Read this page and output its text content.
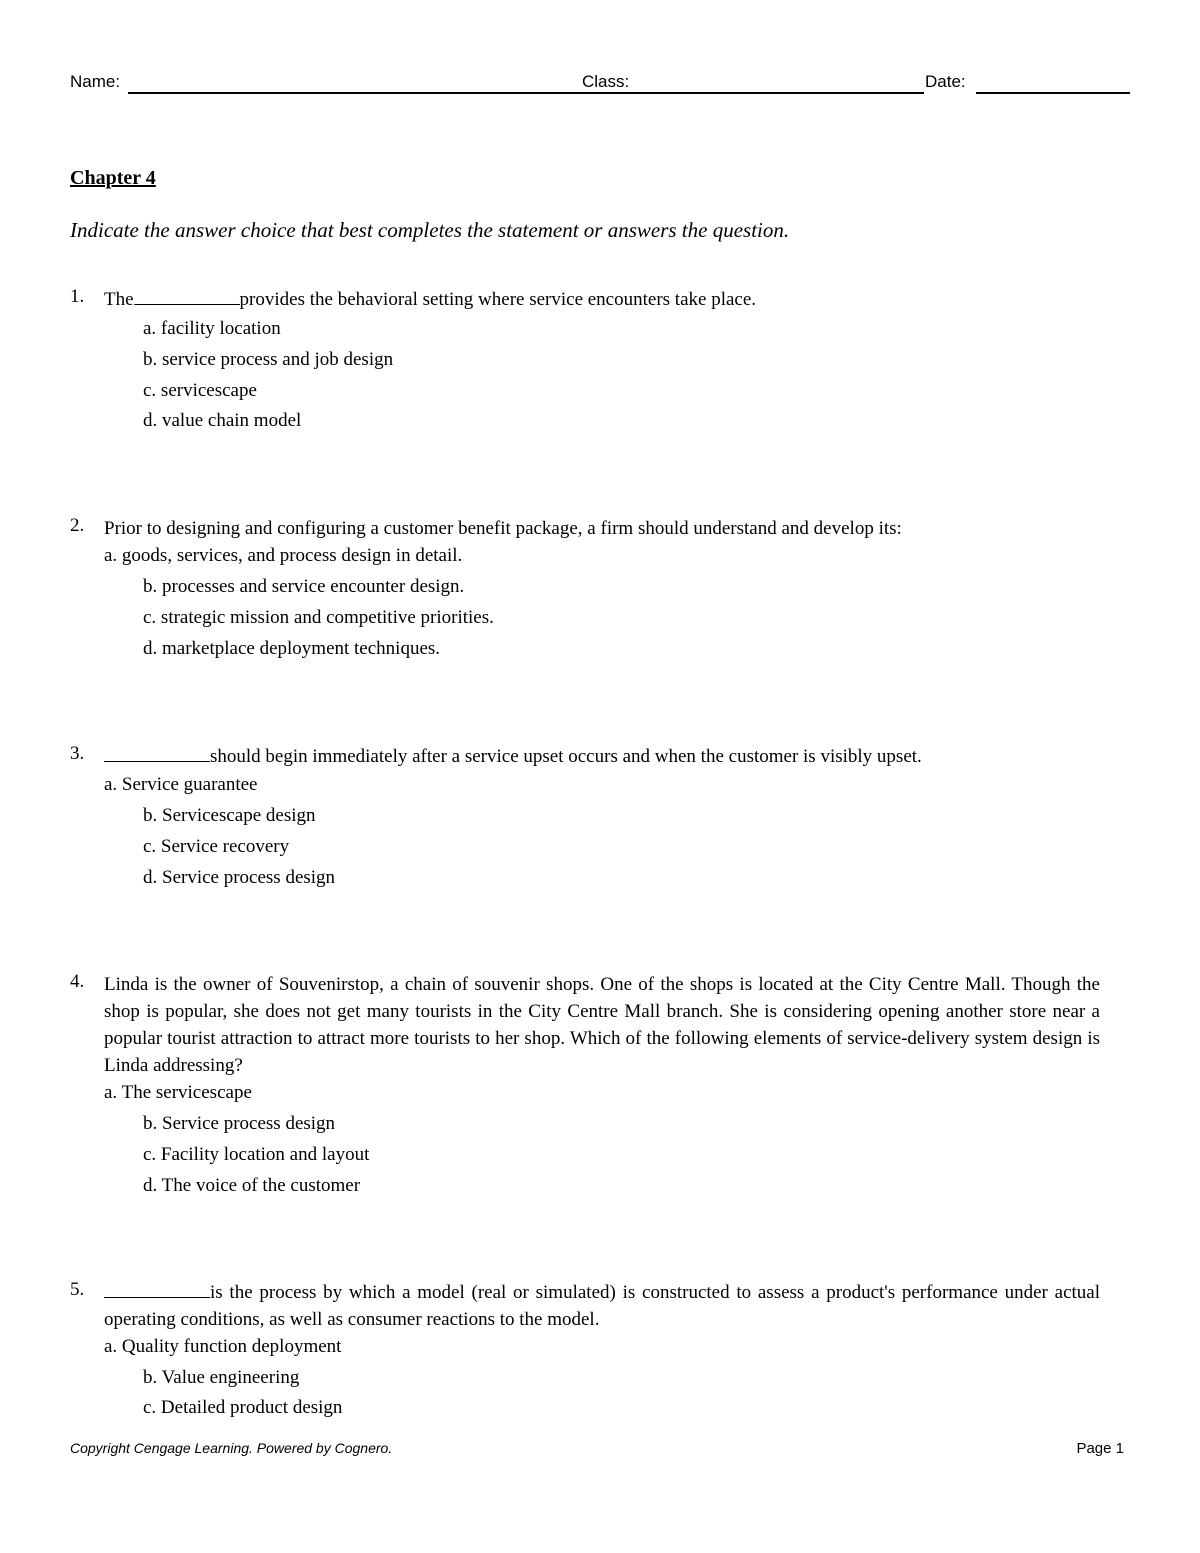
Name:	Class:	Date:
Chapter 4
Indicate the answer choice that best completes the statement or answers the question.
1. The	provides the behavioral setting where service encounters take place.
a. facility location
b. service process and job design
c. servicescape
d. value chain model
2. Prior to designing and configuring a customer benefit package, a firm should understand and develop its:
a. goods, services, and process design in detail.
b. processes and service encounter design.
c. strategic mission and competitive priorities.
d. marketplace deployment techniques.
3.	should begin immediately after a service upset occurs and when the customer is visibly upset.
a. Service guarantee
b. Servicescape design
c. Service recovery
d. Service process design
4. Linda is the owner of Souvenirstop, a chain of souvenir shops. One of the shops is located at the City Centre Mall. Though the shop is popular, she does not get many tourists in the City Centre Mall branch. She is considering opening another store near a popular tourist attraction to attract more tourists to her shop. Which of the following elements of service-delivery system design is Linda addressing?
a. The servicescape
b. Service process design
c. Facility location and layout
d. The voice of the customer
5.	is the process by which a model (real or simulated) is constructed to assess a product's performance under actual operating conditions, as well as consumer reactions to the model.
a. Quality function deployment
b. Value engineering
c. Detailed product design
Copyright Cengage Learning. Powered by Cognero.	Page 1
